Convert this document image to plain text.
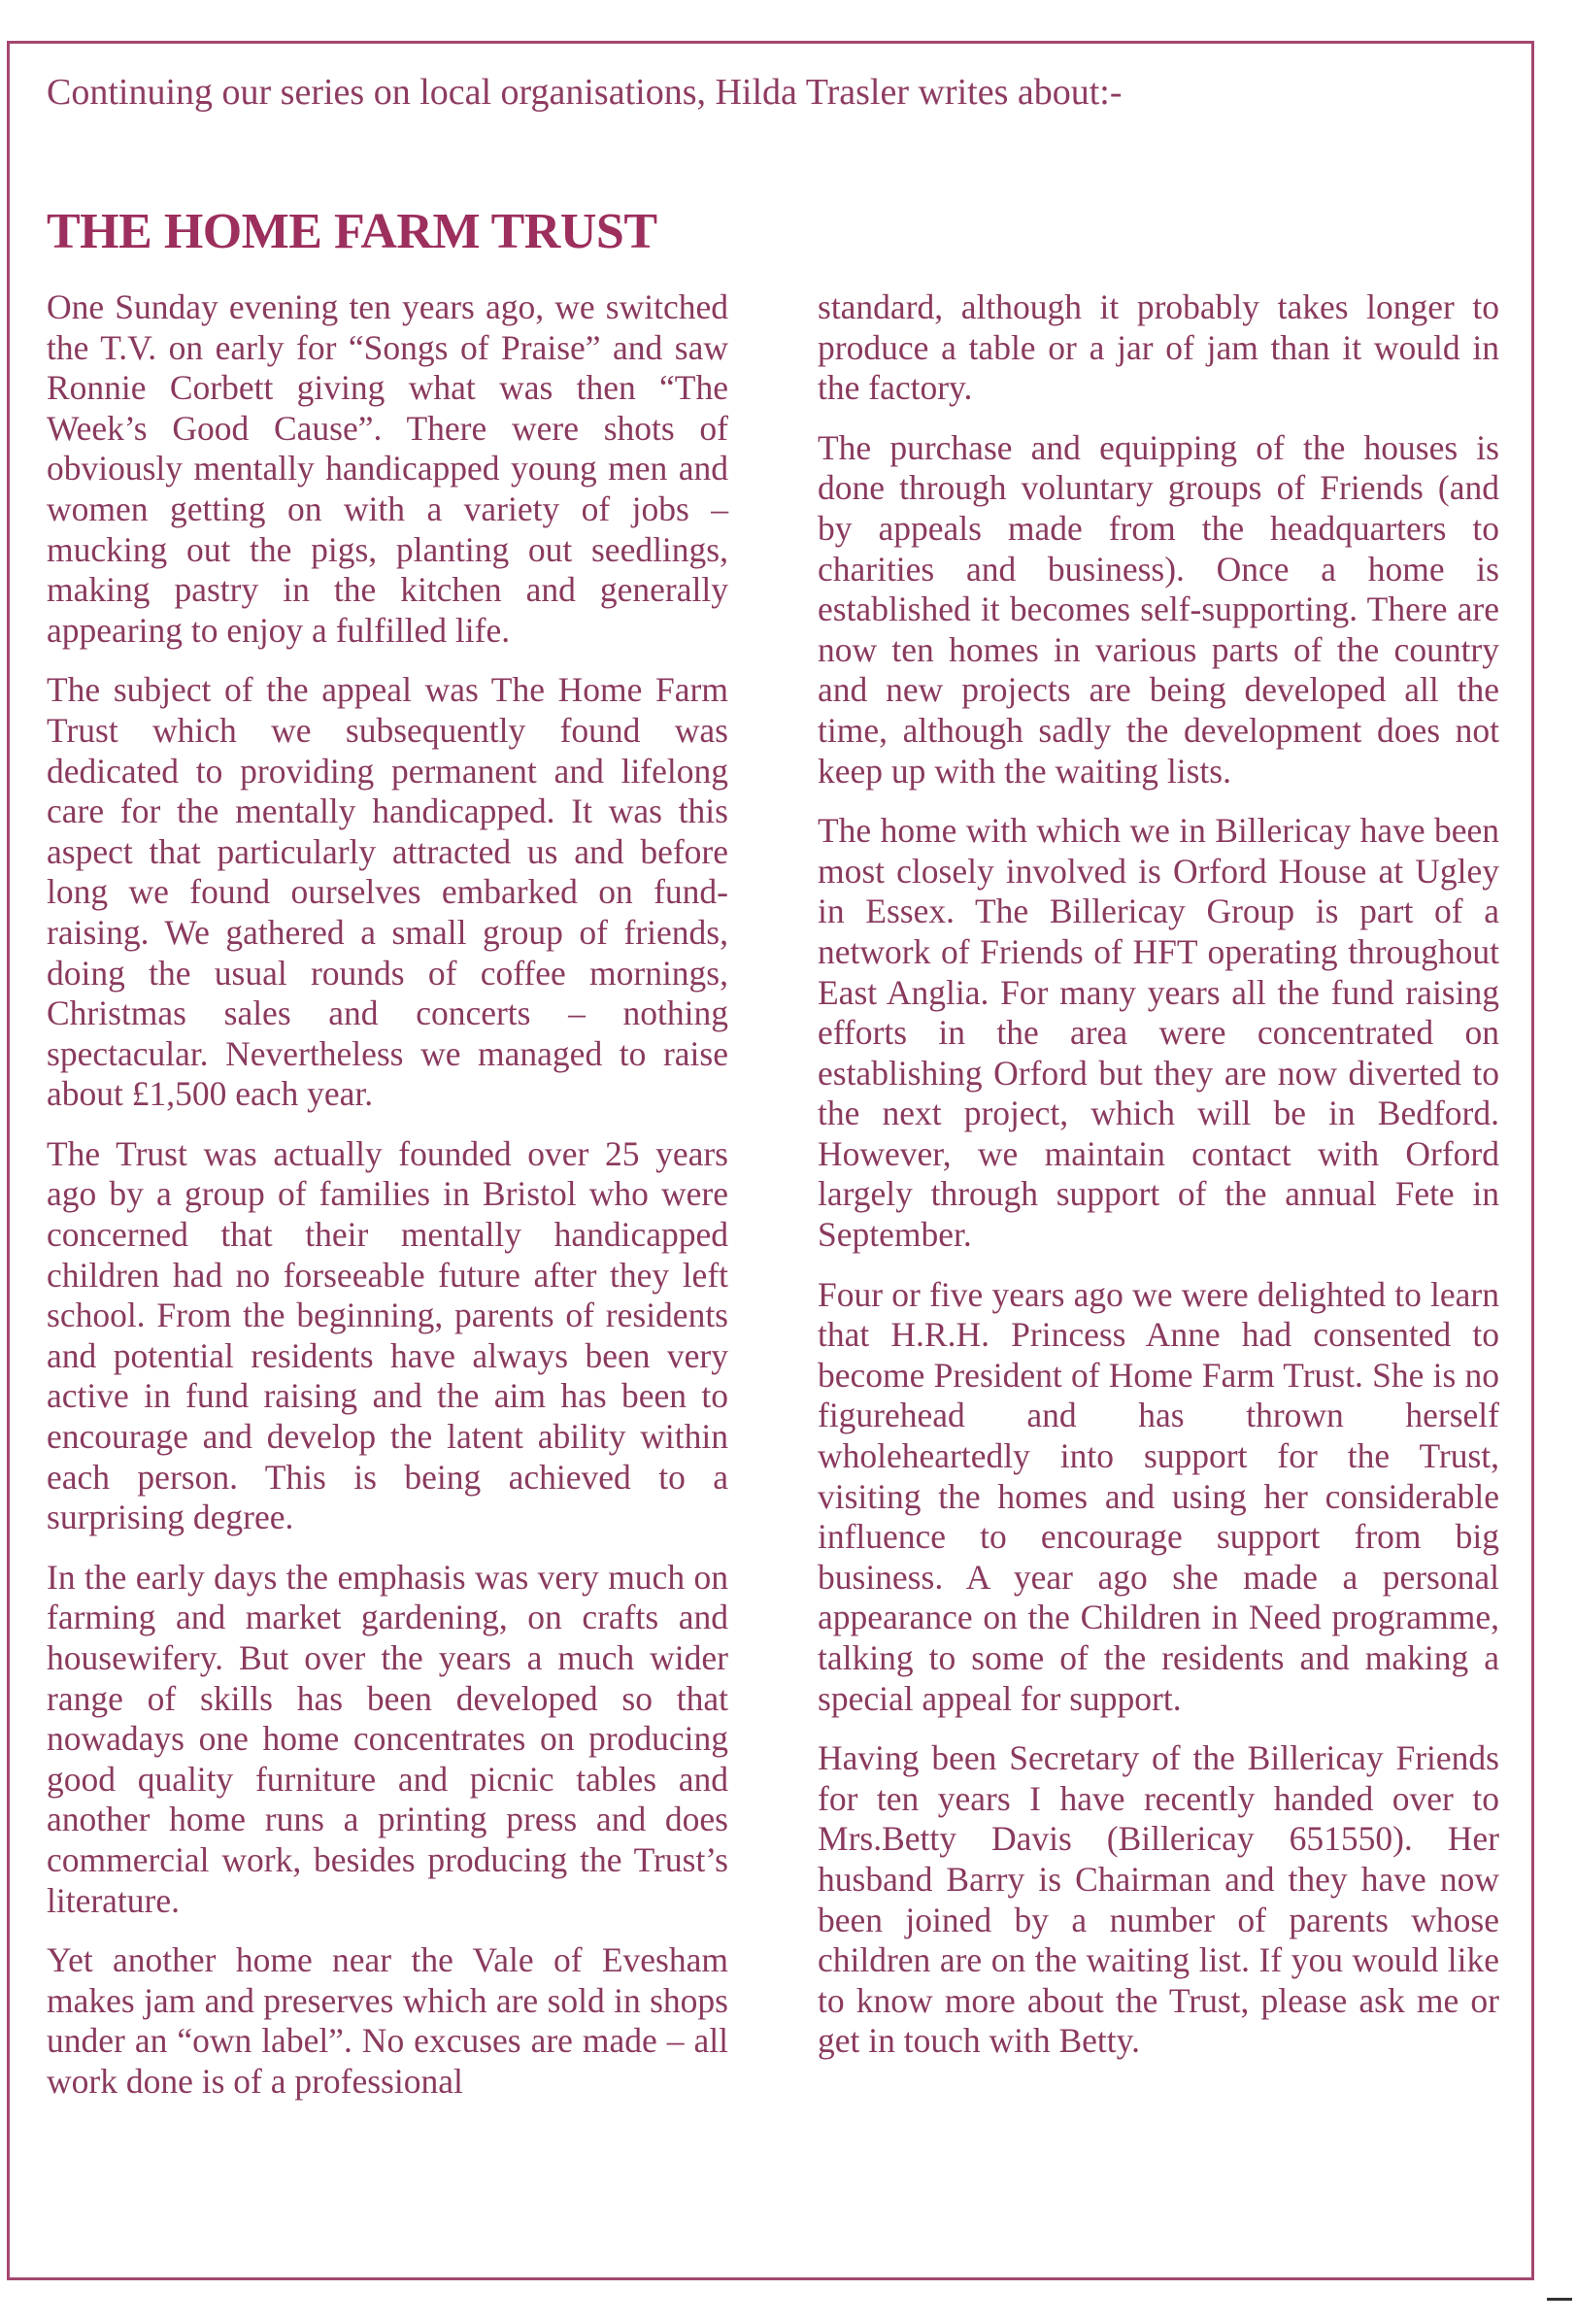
Continuing our series on local organisations, Hilda Trasler writes about:-
THE HOME FARM TRUST

One Sunday evening ten years ago, we switched the T.V. on early for “Songs of Praise” and saw Ronnie Corbett giving what was then “The Week’s Good Cause”. There were shots of obviously mentally handicapped young men and women getting on with a variety of jobs – mucking out the pigs, planting out seedlings, making pastry in the kitchen and generally appearing to enjoy a fulfilled life.

The subject of the appeal was The Home Farm Trust which we subsequently found was dedicated to providing permanent and lifelong care for the mentally handicapped. It was this aspect that particularly attracted us and before long we found ourselves embarked on fund-raising. We gathered a small group of friends, doing the usual rounds of coffee mornings, Christmas sales and concerts – nothing spectacular. Nevertheless we managed to raise about £1,500 each year.

The Trust was actually founded over 25 years ago by a group of families in Bristol who were concerned that their mentally handicapped children had no forseeable future after they left school. From the beginning, parents of residents and potential residents have always been very active in fund raising and the aim has been to encourage and develop the latent ability within each person. This is being achieved to a surprising degree.

In the early days the emphasis was very much on farming and market gardening, on crafts and housewifery. But over the years a much wider range of skills has been developed so that nowadays one home concentrates on producing good quality furniture and picnic tables and another home runs a printing press and does commercial work, besides producing the Trust’s literature.

Yet another home near the Vale of Evesham makes jam and preserves which are sold in shops under an “own label”. No excuses are made – all work done is of a professional

standard, although it probably takes longer to produce a table or a jar of jam than it would in the factory.

The purchase and equipping of the houses is done through voluntary groups of Friends (and by appeals made from the headquarters to charities and business). Once a home is established it becomes self-supporting. There are now ten homes in various parts of the country and new projects are being developed all the time, although sadly the development does not keep up with the waiting lists.

The home with which we in Billericay have been most closely involved is Orford House at Ugley in Essex. The Billericay Group is part of a network of Friends of HFT operating throughout East Anglia. For many years all the fund raising efforts in the area were concentrated on establishing Orford but they are now diverted to the next project, which will be in Bedford. However, we maintain contact with Orford largely through support of the annual Fete in September.

Four or five years ago we were delighted to learn that H.R.H. Princess Anne had consented to become President of Home Farm Trust. She is no figurehead and has thrown herself wholeheartedly into support for the Trust, visiting the homes and using her considerable influence to encourage support from big business. A year ago she made a personal appearance on the Children in Need programme, talking to some of the residents and making a special appeal for support.

Having been Secretary of the Billericay Friends for ten years I have recently handed over to Mrs.Betty Davis (Billericay 651550). Her husband Barry is Chairman and they have now been joined by a number of parents whose children are on the waiting list. If you would like to know more about the Trust, please ask me or get in touch with Betty.
